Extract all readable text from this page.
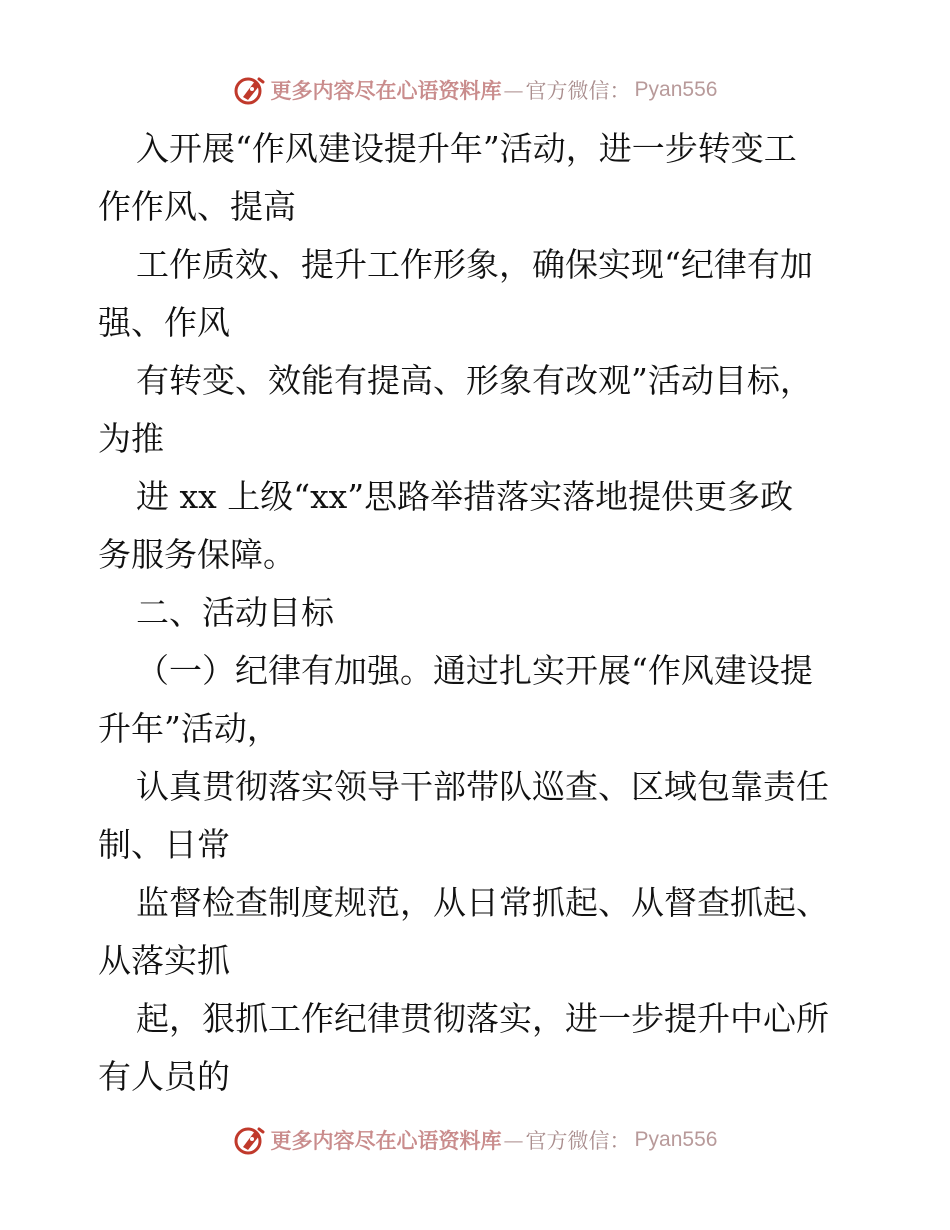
更多内容尽在心语资料库 — 官方微信： Pyan556
入开展“作风建设提升年”活动，进一步转变工
作作风、提高
工作质效、提升工作形象，确保实现“纪律有加
强、作风
有转变、效能有提高、形象有改观”活动目标，
为推
进 xx 上级“xx”思路举措落实落地提供更多政
务服务保障。
二、活动目标
（一）纪律有加强。通过扎实开展“作风建设提
升年”活动，
认真贯彻落实领导干部带队巡查、区域包靠责任
制、日常
监督检查制度规范，从日常抓起、从督查抓起、
从落实抓
起，狠抓工作纪律贯彻落实，进一步提升中心所
有人员的
更多内容尽在心语资料库 — 官方微信： Pyan556
